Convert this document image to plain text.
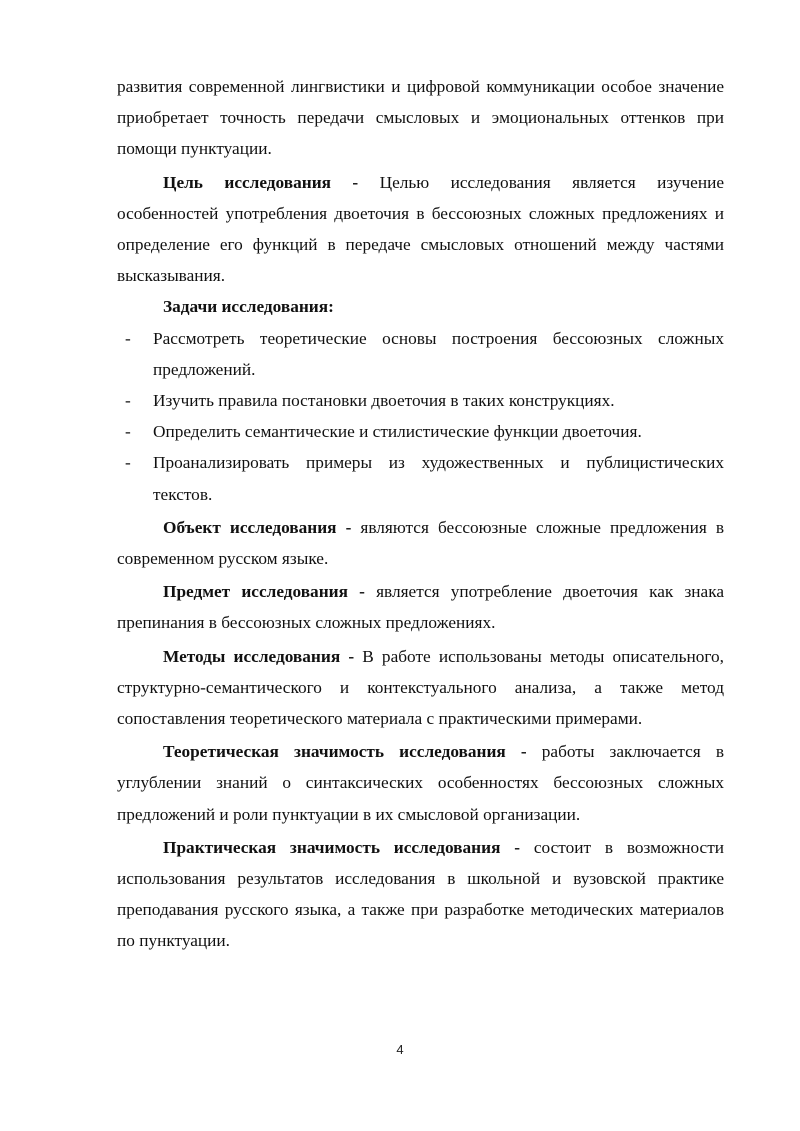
развития современной лингвистики и цифровой коммуникации особое значение приобретает точность передачи смысловых и эмоциональных оттенков при помощи пунктуации.

Цель исследования - Целью исследования является изучение особенностей употребления двоеточия в бессоюзных сложных предложениях и определение его функций в передаче смысловых отношений между частями высказывания.

Задачи исследования:

- Рассмотреть теоретические основы построения бессоюзных сложных предложений.
- Изучить правила постановки двоеточия в таких конструкциях.
- Определить семантические и стилистические функции двоеточия.
- Проанализировать примеры из художественных и публицистических текстов.

Объект исследования - являются бессоюзные сложные предложения в современном русском языке.

Предмет исследования - является употребление двоеточия как знака препинания в бессоюзных сложных предложениях.

Методы исследования - В работе использованы методы описательного, структурно-семантического и контекстуального анализа, а также метод сопоставления теоретического материала с практическими примерами.

Теоретическая значимость исследования - работы заключается в углублении знаний о синтаксических особенностях бессоюзных сложных предложений и роли пунктуации в их смысловой организации.

Практическая значимость исследования - состоит в возможности использования результатов исследования в школьной и вузовской практике преподавания русского языка, а также при разработке методических материалов по пунктуации.

4
